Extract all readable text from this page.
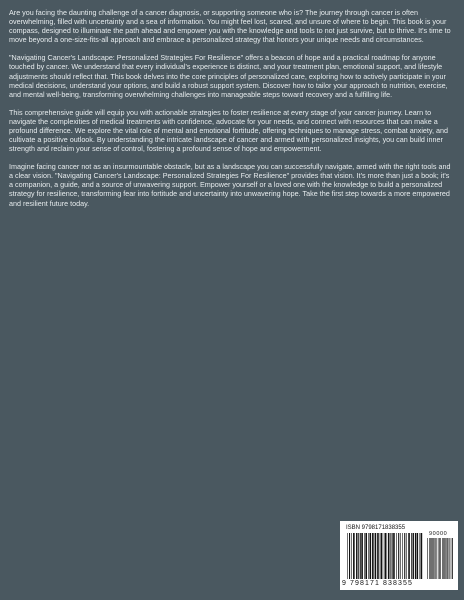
Are you facing the daunting challenge of a cancer diagnosis, or supporting someone who is? The journey through cancer is often overwhelming, filled with uncertainty and a sea of information. You might feel lost, scared, and unsure of where to begin. This book is your compass, designed to illuminate the path ahead and empower you with the knowledge and tools to not just survive, but to thrive. It's time to move beyond a one-size-fits-all approach and embrace a personalized strategy that honors your unique needs and circumstances.

"Navigating Cancer's Landscape: Personalized Strategies For Resilience" offers a beacon of hope and a practical roadmap for anyone touched by cancer. We understand that every individual's experience is distinct, and your treatment plan, emotional support, and lifestyle adjustments should reflect that. This book delves into the core principles of personalized care, exploring how to actively participate in your medical decisions, understand your options, and build a robust support system. Discover how to tailor your approach to nutrition, exercise, and mental well-being, transforming overwhelming challenges into manageable steps toward recovery and a fulfilling life.

This comprehensive guide will equip you with actionable strategies to foster resilience at every stage of your cancer journey. Learn to navigate the complexities of medical treatments with confidence, advocate for your needs, and connect with resources that can make a profound difference. We explore the vital role of mental and emotional fortitude, offering techniques to manage stress, combat anxiety, and cultivate a positive outlook. By understanding the intricate landscape of cancer and armed with personalized insights, you can build inner strength and reclaim your sense of control, fostering a profound sense of hope and empowerment.

Imagine facing cancer not as an insurmountable obstacle, but as a landscape you can successfully navigate, armed with the right tools and a clear vision. "Navigating Cancer's Landscape: Personalized Strategies For Resilience" provides that vision. It's more than just a book; it's a companion, a guide, and a source of unwavering support. Empower yourself or a loved one with the knowledge to build a personalized strategy for resilience, transforming fear into fortitude and uncertainty into unwavering hope. Take the first step towards a more empowered and resilient future today.

ISBN 9798171838355
90000
9 798171 838355
